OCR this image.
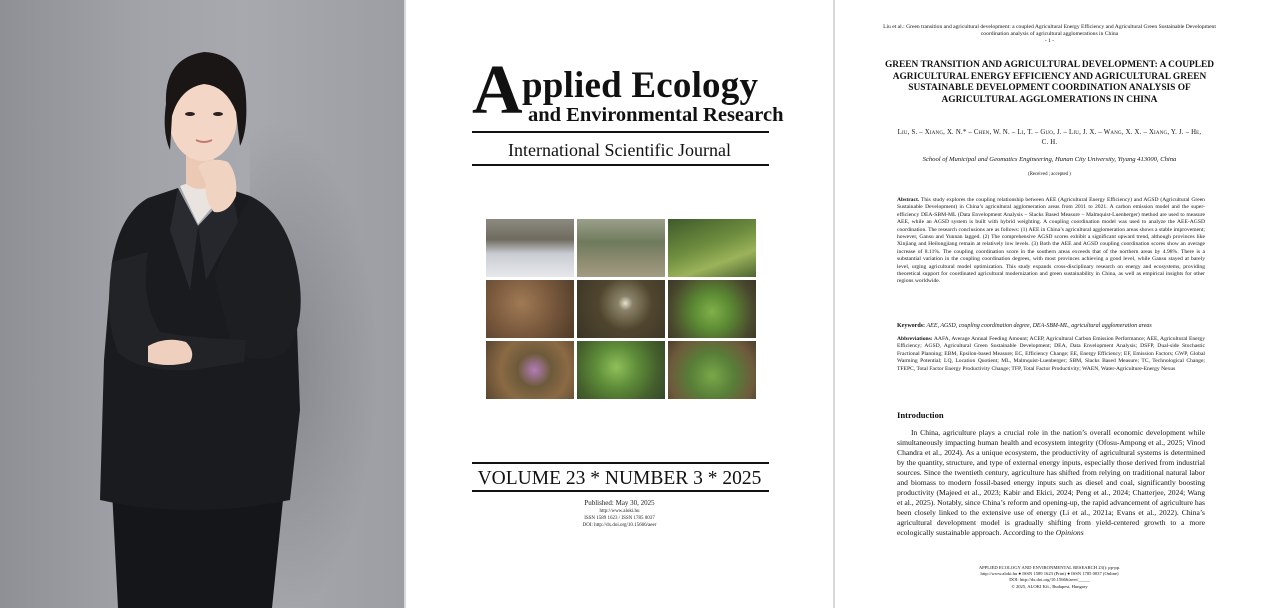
A pplied Ecology
and Environmental Research
International Scientific Journal
VOLUME 23 * NUMBER 3 * 2025
Published: May 30, 2025
http://www.aloki.hu
ISSN 1589 1623 / ISSN 1785 0037
DOI: http://dx.doi.org/10.15666/aeer
Liu et al.: Green transition and agricultural development: a coupled Agricultural Energy Efficiency and Agricultural Green Sustainable Development coordination analysis of agricultural agglomerations in China
- 1 -
GREEN TRANSITION AND AGRICULTURAL DEVELOPMENT: A COUPLED AGRICULTURAL ENERGY EFFICIENCY AND AGRICULTURAL GREEN SUSTAINABLE DEVELOPMENT COORDINATION ANALYSIS OF AGRICULTURAL AGGLOMERATIONS IN CHINA
Liu, S. – Xiang, X. N.* – Chen, W. N. – Li, T. – Guo, J. – Liu, J. X. – Wang, X. X. – Xiang, Y. J. – He, C. H.
School of Municipal and Geomatics Engineering, Hunan City University, Yiyang 413000, China
(Received ; accepted )
Abstract. This study explores the coupling relationship between AEE (Agricultural Energy Efficiency) and AGSD (Agricultural Green Sustainable Development) in China’s agricultural agglomeration areas from 2011 to 2021. A carbon emission model and the super-efficiency DEA-SBM-ML (Data Envelopment Analysis – Slacks Based Measure – Malmquist-Luenberger) method are used to measure AEE, while an AGSD system is built with hybrid weighting. A coupling coordination model was used to analyze the AEE-AGSD coordination. The research conclusions are as follows: (1) AEE in China’s agricultural agglomeration areas shows a stable improvement; however, Gansu and Yunnan lagged. (2) The comprehensive AGSD scores exhibit a significant upward trend, although provinces like Xinjiang and Heilongjiang remain at relatively low levels. (3) Both the AEE and AGSD coupling coordination scores show an average increase of 8.11%. The coupling coordination score in the southern areas exceeds that of the northern areas by 4.98%. There is a substantial variation in the coupling coordination degrees, with most provinces achieving a good level, while Gansu stayed at barely level, urging agricultural model optimization. This study expands cross-disciplinary research on energy and ecosystems, providing theoretical support for coordinated agricultural modernization and green sustainability in China, as well as empirical insights for other regions worldwide.
Keywords: AEE, AGSD, coupling coordination degree, DEA-SBM-ML, agricultural agglomeration areas
Abbreviations: AAFA, Average Annual Feeding Amount; ACEP, Agricultural Carbon Emission Performance; AEE, Agricultural Energy Efficiency; AGSD, Agricultural Green Sustainable Development; DEA, Data Envelopment Analysis; DSFP, Dual-side Stochastic Fractional Planning; EBM, Epsilon-based Measure; EC, Efficiency Change; EE, Energy Efficiency; EF, Emission Factors; GWP, Global Warming Potential; LQ, Location Quotient; ML, Malmquist-Luenberger; SBM, Slacks Based Measure; TC, Technological Change; TFEPC, Total Factor Energy Productivity Change; TFP, Total Factor Productivity; WAEN, Water-Agriculture-Energy Nexus
Introduction
In China, agriculture plays a crucial role in the nation’s overall economic development while simultaneously impacting human health and ecosystem integrity (Ofosu-Ampong et al., 2025; Vinod Chandra et al., 2024). As a unique ecosystem, the productivity of agricultural systems is determined by the quantity, structure, and type of external energy inputs, especially those derived from industrial sources. Since the twentieth century, agriculture has shifted from relying on traditional natural labor and biomass to modern fossil-based energy inputs such as diesel and coal, significantly boosting productivity (Majeed et al., 2023; Kabir and Ekici, 2024; Peng et al., 2024; Chatterjee, 2024; Wang et al., 2025). Notably, since China’s reform and opening-up, the rapid advancement of agriculture has been closely linked to the extensive use of energy (Li et al., 2021a; Evans et al., 2022). China’s agricultural development model is gradually shifting from yield-centered growth to a more ecologically sustainable approach. According to the Opinions
APPLIED ECOLOGY AND ENVIRONMENTAL RESEARCH 23(): pp-pp.
http://www.aloki.hu ● ISSN 1589 1623 (Print) ● ISSN 1785 0037 (Online)
DOI: http://dx.doi.org/10.15666/aeer/_____
© 2025, ALOKI Kft., Budapest, Hungary
